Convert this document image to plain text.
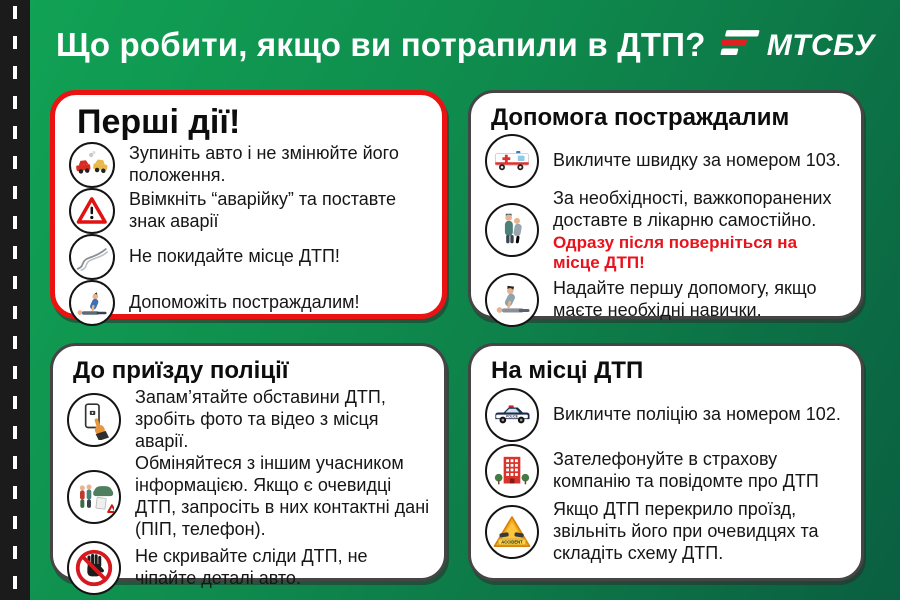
Що робити, якщо ви потрапили в ДТП? МТСБУ
Перші дії!
Зупиніть авто і не змінюйте його положення.
Ввімкніть “аварійку” та поставте знак аварії
Не покидайте місце ДТП!
Допоможіть постраждалим!
Допомога постраждалим
Викличте швидку за номером 103.
За необхідності, важкопоранених доставте в лікарню самостійно.
Одразу після поверніться на місце ДТП!
Надайте першу допомогу, якщо маєте необхідні навички.
До приїзду поліції
Запам’ятайте обставини ДТП, зробіть фото та відео з місця аварії.
Обміняйтеся з іншим учасником інформацією. Якщо є очевидці ДТП, запросіть в них контактні дані (ПІП, телефон).
Не скривайте сліди ДТП, не чіпайте деталі авто.
На місці ДТП
POLICE Викличте поліцію за номером 102.
Зателефонуйте в страхову компанію та повідомте про ДТП
ACCIDENT
Якщо ДТП перекрило проїзд, звільніть його при очевидцях та складіть схему ДТП.
